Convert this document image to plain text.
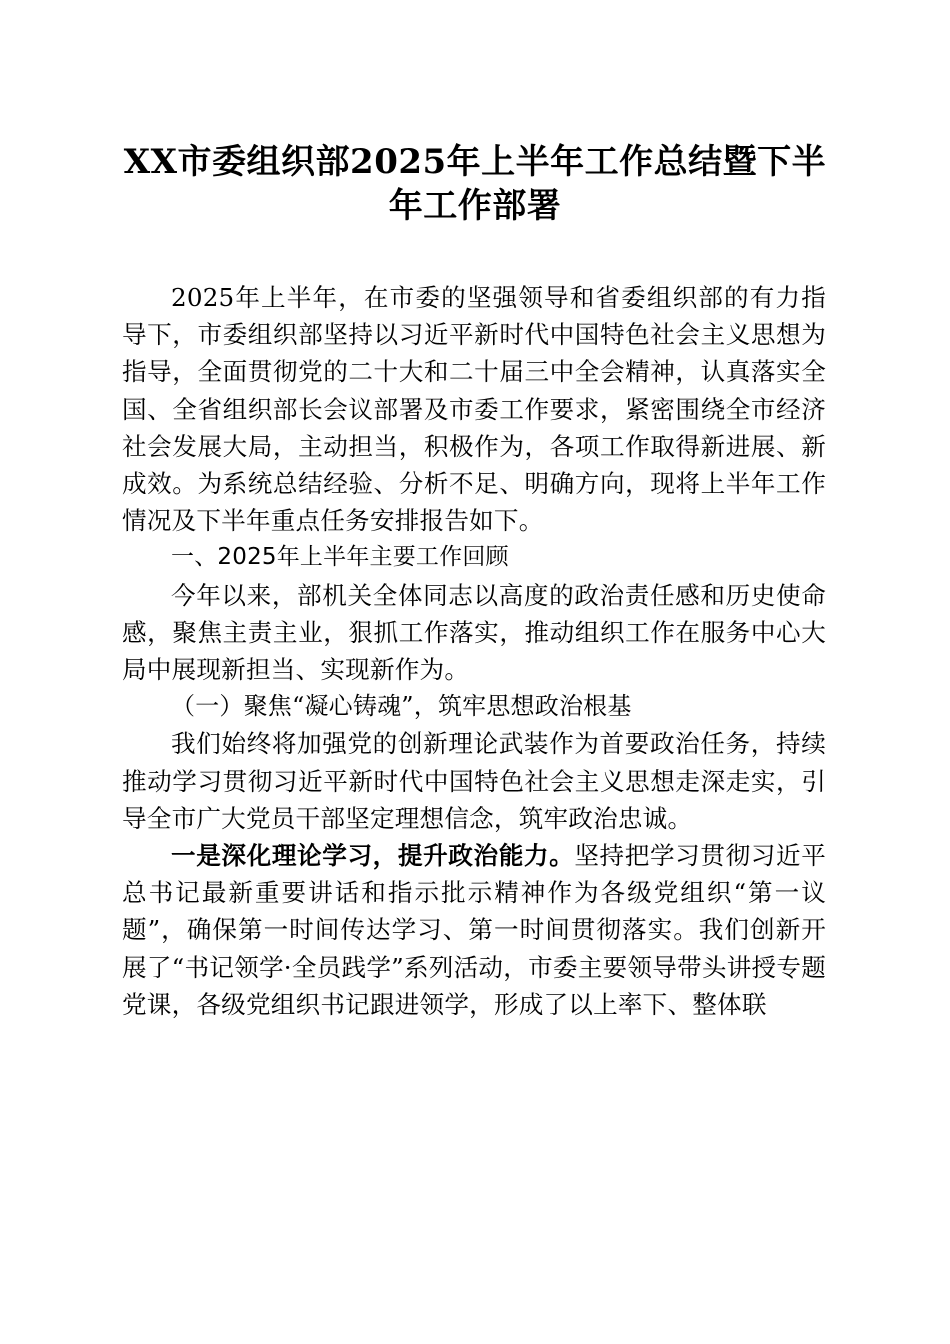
XX市委组织部2025年上半年工作总结暨下半年工作部署

2025年上半年，在市委的坚强领导和省委组织部的有力指导下，市委组织部坚持以习近平新时代中国特色社会主义思想为指导，全面贯彻党的二十大和二十届三中全会精神，认真落实全国、全省组织部长会议部署及市委工作要求，紧密围绕全市经济社会发展大局，主动担当，积极作为，各项工作取得新进展、新成效。为系统总结经验、分析不足、明确方向，现将上半年工作情况及下半年重点任务安排报告如下。

一、2025年上半年主要工作回顾

今年以来，部机关全体同志以高度的政治责任感和历史使命感，聚焦主责主业，狠抓工作落实，推动组织工作在服务中心大局中展现新担当、实现新作为。

（一）聚焦“凝心铸魂”，筑牢思想政治根基

我们始终将加强党的创新理论武装作为首要政治任务，持续推动学习贯彻习近平新时代中国特色社会主义思想走深走实，引导全市广大党员干部坚定理想信念，筑牢政治忠诚。

一是深化理论学习，提升政治能力。坚持把学习贯彻习近平总书记最新重要讲话和指示批示精神作为各级党组织“第一议题”，确保第一时间传达学习、第一时间贯彻落实。我们创新开展了“书记领学·全员践学”系列活动，市委主要领导带头讲授专题党课，各级党组织书记跟进领学，形成了以上率下、整体联
